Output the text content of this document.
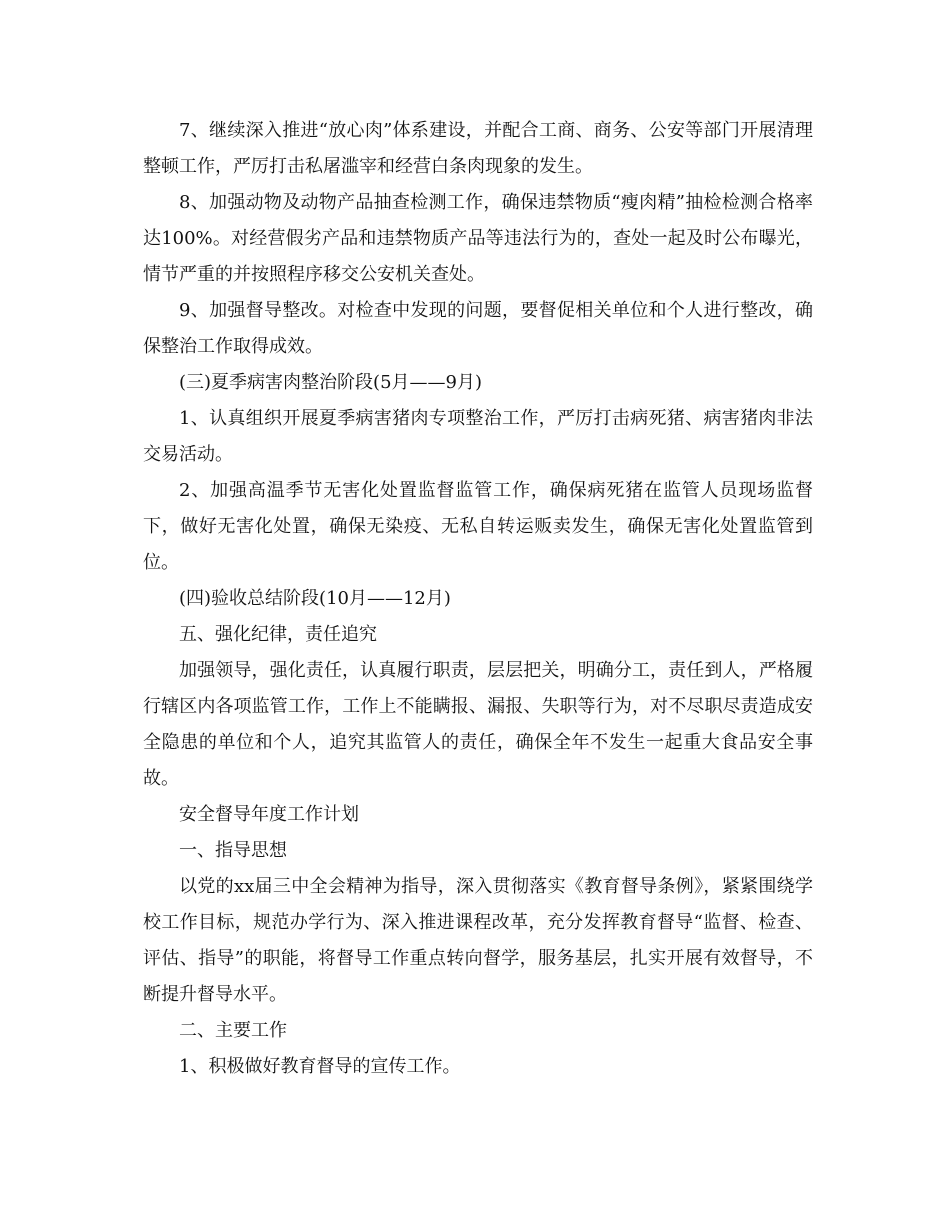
7、继续深入推进“放心肉”体系建设，并配合工商、商务、公安等部门开展清理整顿工作，严厉打击私屠滥宰和经营白条肉现象的发生。

8、加强动物及动物产品抽查检测工作，确保违禁物质“瘦肉精”抽检检测合格率达100%。对经营假劣产品和违禁物质产品等违法行为的，查处一起及时公布曝光，情节严重的并按照程序移交公安机关查处。

9、加强督导整改。对检查中发现的问题，要督促相关单位和个人进行整改，确保整治工作取得成效。

(三)夏季病害肉整治阶段(5月——9月)

1、认真组织开展夏季病害猪肉专项整治工作，严厉打击病死猪、病害猪肉非法交易活动。

2、加强高温季节无害化处置监督监管工作，确保病死猪在监管人员现场监督下，做好无害化处置，确保无染疫、无私自转运贩卖发生，确保无害化处置监管到位。

(四)验收总结阶段(10月——12月)

五、强化纪律，责任追究

加强领导，强化责任，认真履行职责，层层把关，明确分工，责任到人，严格履行辖区内各项监管工作，工作上不能瞒报、漏报、失职等行为，对不尽职尽责造成安全隐患的单位和个人，追究其监管人的责任，确保全年不发生一起重大食品安全事故。

安全督导年度工作计划

一、指导思想

以党的xx届三中全会精神为指导，深入贯彻落实《教育督导条例》，紧紧围绕学校工作目标，规范办学行为、深入推进课程改革，充分发挥教育督导“监督、检查、评估、指导”的职能，将督导工作重点转向督学，服务基层，扎实开展有效督导，不断提升督导水平。

二、主要工作

1、积极做好教育督导的宣传工作。
